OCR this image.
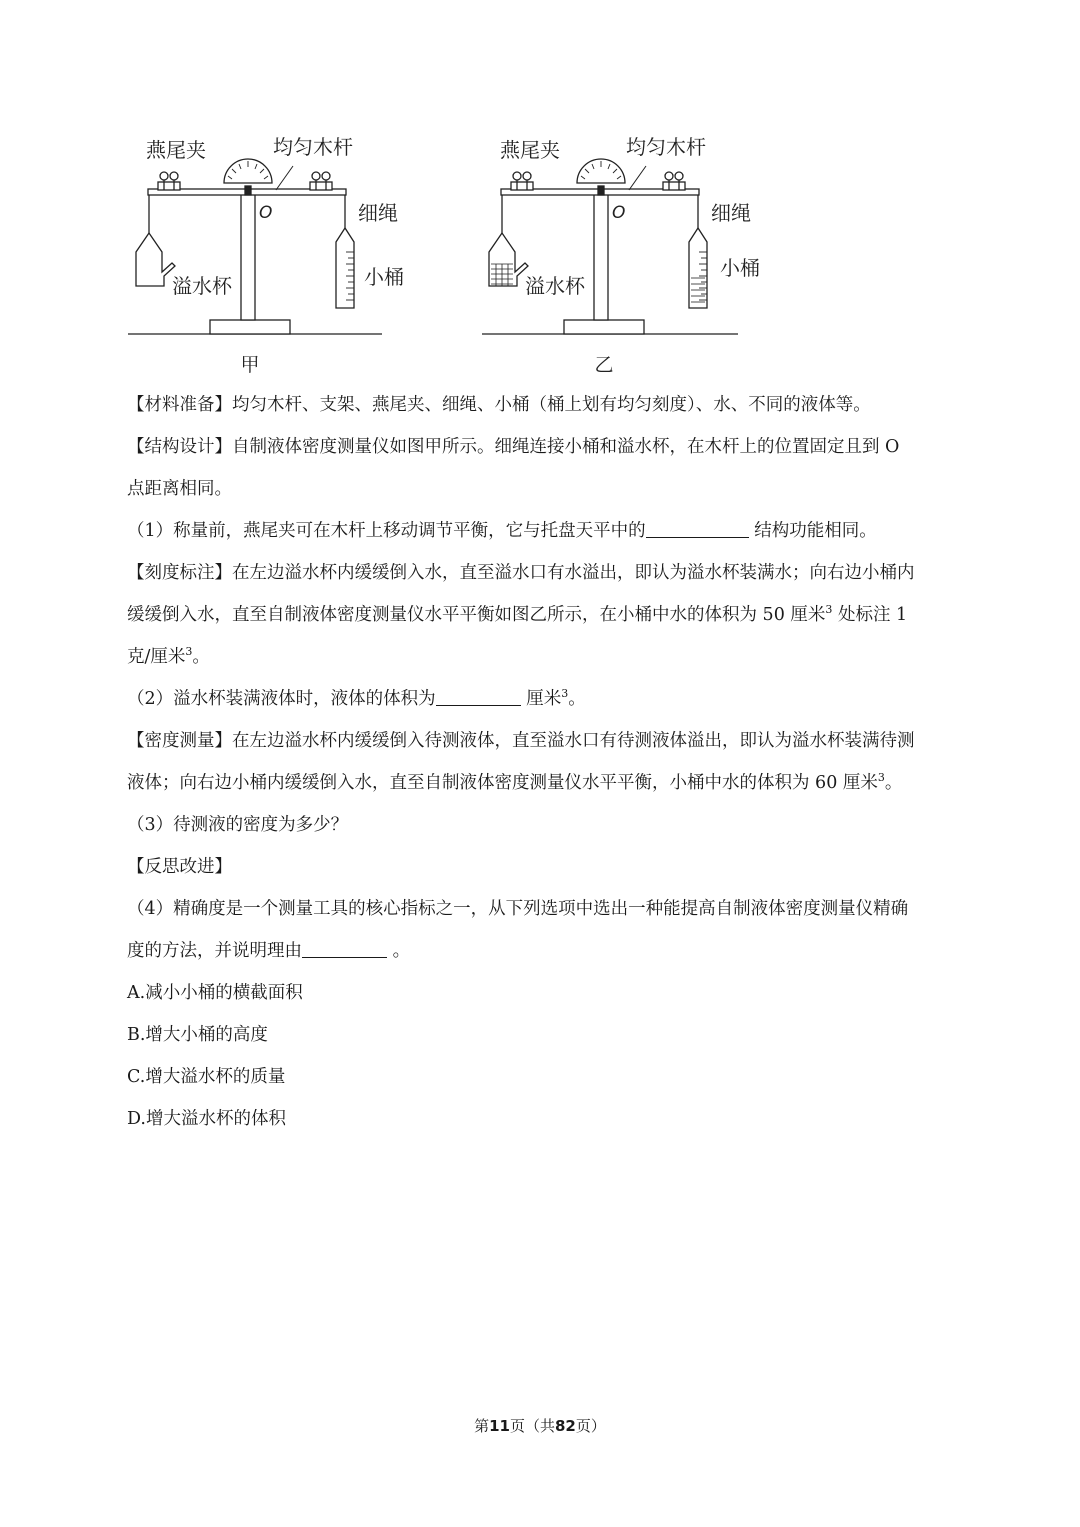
燕尾夹	均匀木杆
O	细绳
溢水杯	小桶
甲
燕尾夹	均匀木杆
O	细绳
溢水杯
小桶
乙
【材料准备】均匀木杆、支架、燕尾夹、细绳、小桶（桶上划有均匀刻度）、水、不同的液体等。
【结构设计】自制液体密度测量仪如图甲所示。细绳连接小桶和溢水杯，在木杆上的位置固定且到 O
点距离相同。
（1）称量前，燕尾夹可在木杆上移动调节平衡，它与托盘天平中的	结构功能相同。
【刻度标注】在左边溢水杯内缓缓倒入水，直至溢水口有水溢出，即认为溢水杯装满水；向右边小桶内
缓缓倒入水，直至自制液体密度测量仪水平平衡如图乙所示，在小桶中水的体积为 50 厘米$^3$ 处标注 1
克/厘米$^3$。
（2）溢水杯装满液体时，液体的体积为	厘米$^3$。
【密度测量】在左边溢水杯内缓缓倒入待测液体，直至溢水口有待测液体溢出，即认为溢水杯装满待测
液体；向右边小桶内缓缓倒入水，直至自制液体密度测量仪水平平衡，小桶中水的体积为 60 厘米$^3$。
（3）待测液的密度为多少？
【反思改进】
（4）精确度是一个测量工具的核心指标之一，从下列选项中选出一种能提高自制液体密度测量仪精确
度的方法，并说明理由	。
A.减小小桶的横截面积
B.增大小桶的高度
C.增大溢水杯的质量
D.增大溢水杯的体积
第11页（共82页）
